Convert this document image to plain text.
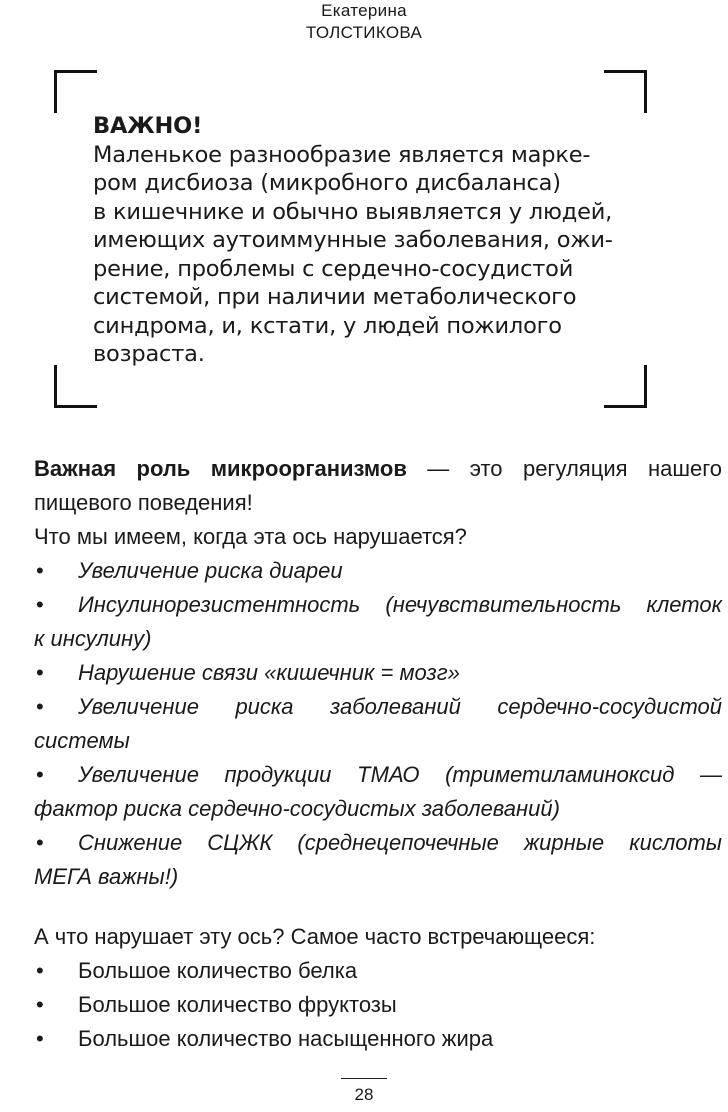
Екатерина
ТОЛСТИКОВА
ВАЖНО!
Маленькое разнообразие является марке-
ром дисбиоза (микробного дисбаланса)
в кишечнике и обычно выявляется у людей,
имеющих аутоиммунные заболевания, ожи-
рение, проблемы с сердечно-сосудистой
системой, при наличии метаболического
синдрома, и, кстати, у людей пожилого
возраста.
Важная роль микроорганизмов — это регуляция нашего
пищевого поведения!
Что мы имеем, когда эта ось нарушается?
• Увеличение риска диареи
• Инсулинорезистентность (нечувствительность клеток
к инсулину)
• Нарушение связи «кишечник = мозг»
• Увеличение риска заболеваний сердечно-сосудистой
системы
• Увеличение продукции ТМАО (триметиламиноксид —
фактор риска сердечно-сосудистых заболеваний)
• Снижение СЦЖК (среднецепочечные жирные кислоты
МЕГА важны!)
А что нарушает эту ось? Самое часто встречающееся:
• Большое количество белка
• Большое количество фруктозы
• Большое количество насыщенного жира
28
